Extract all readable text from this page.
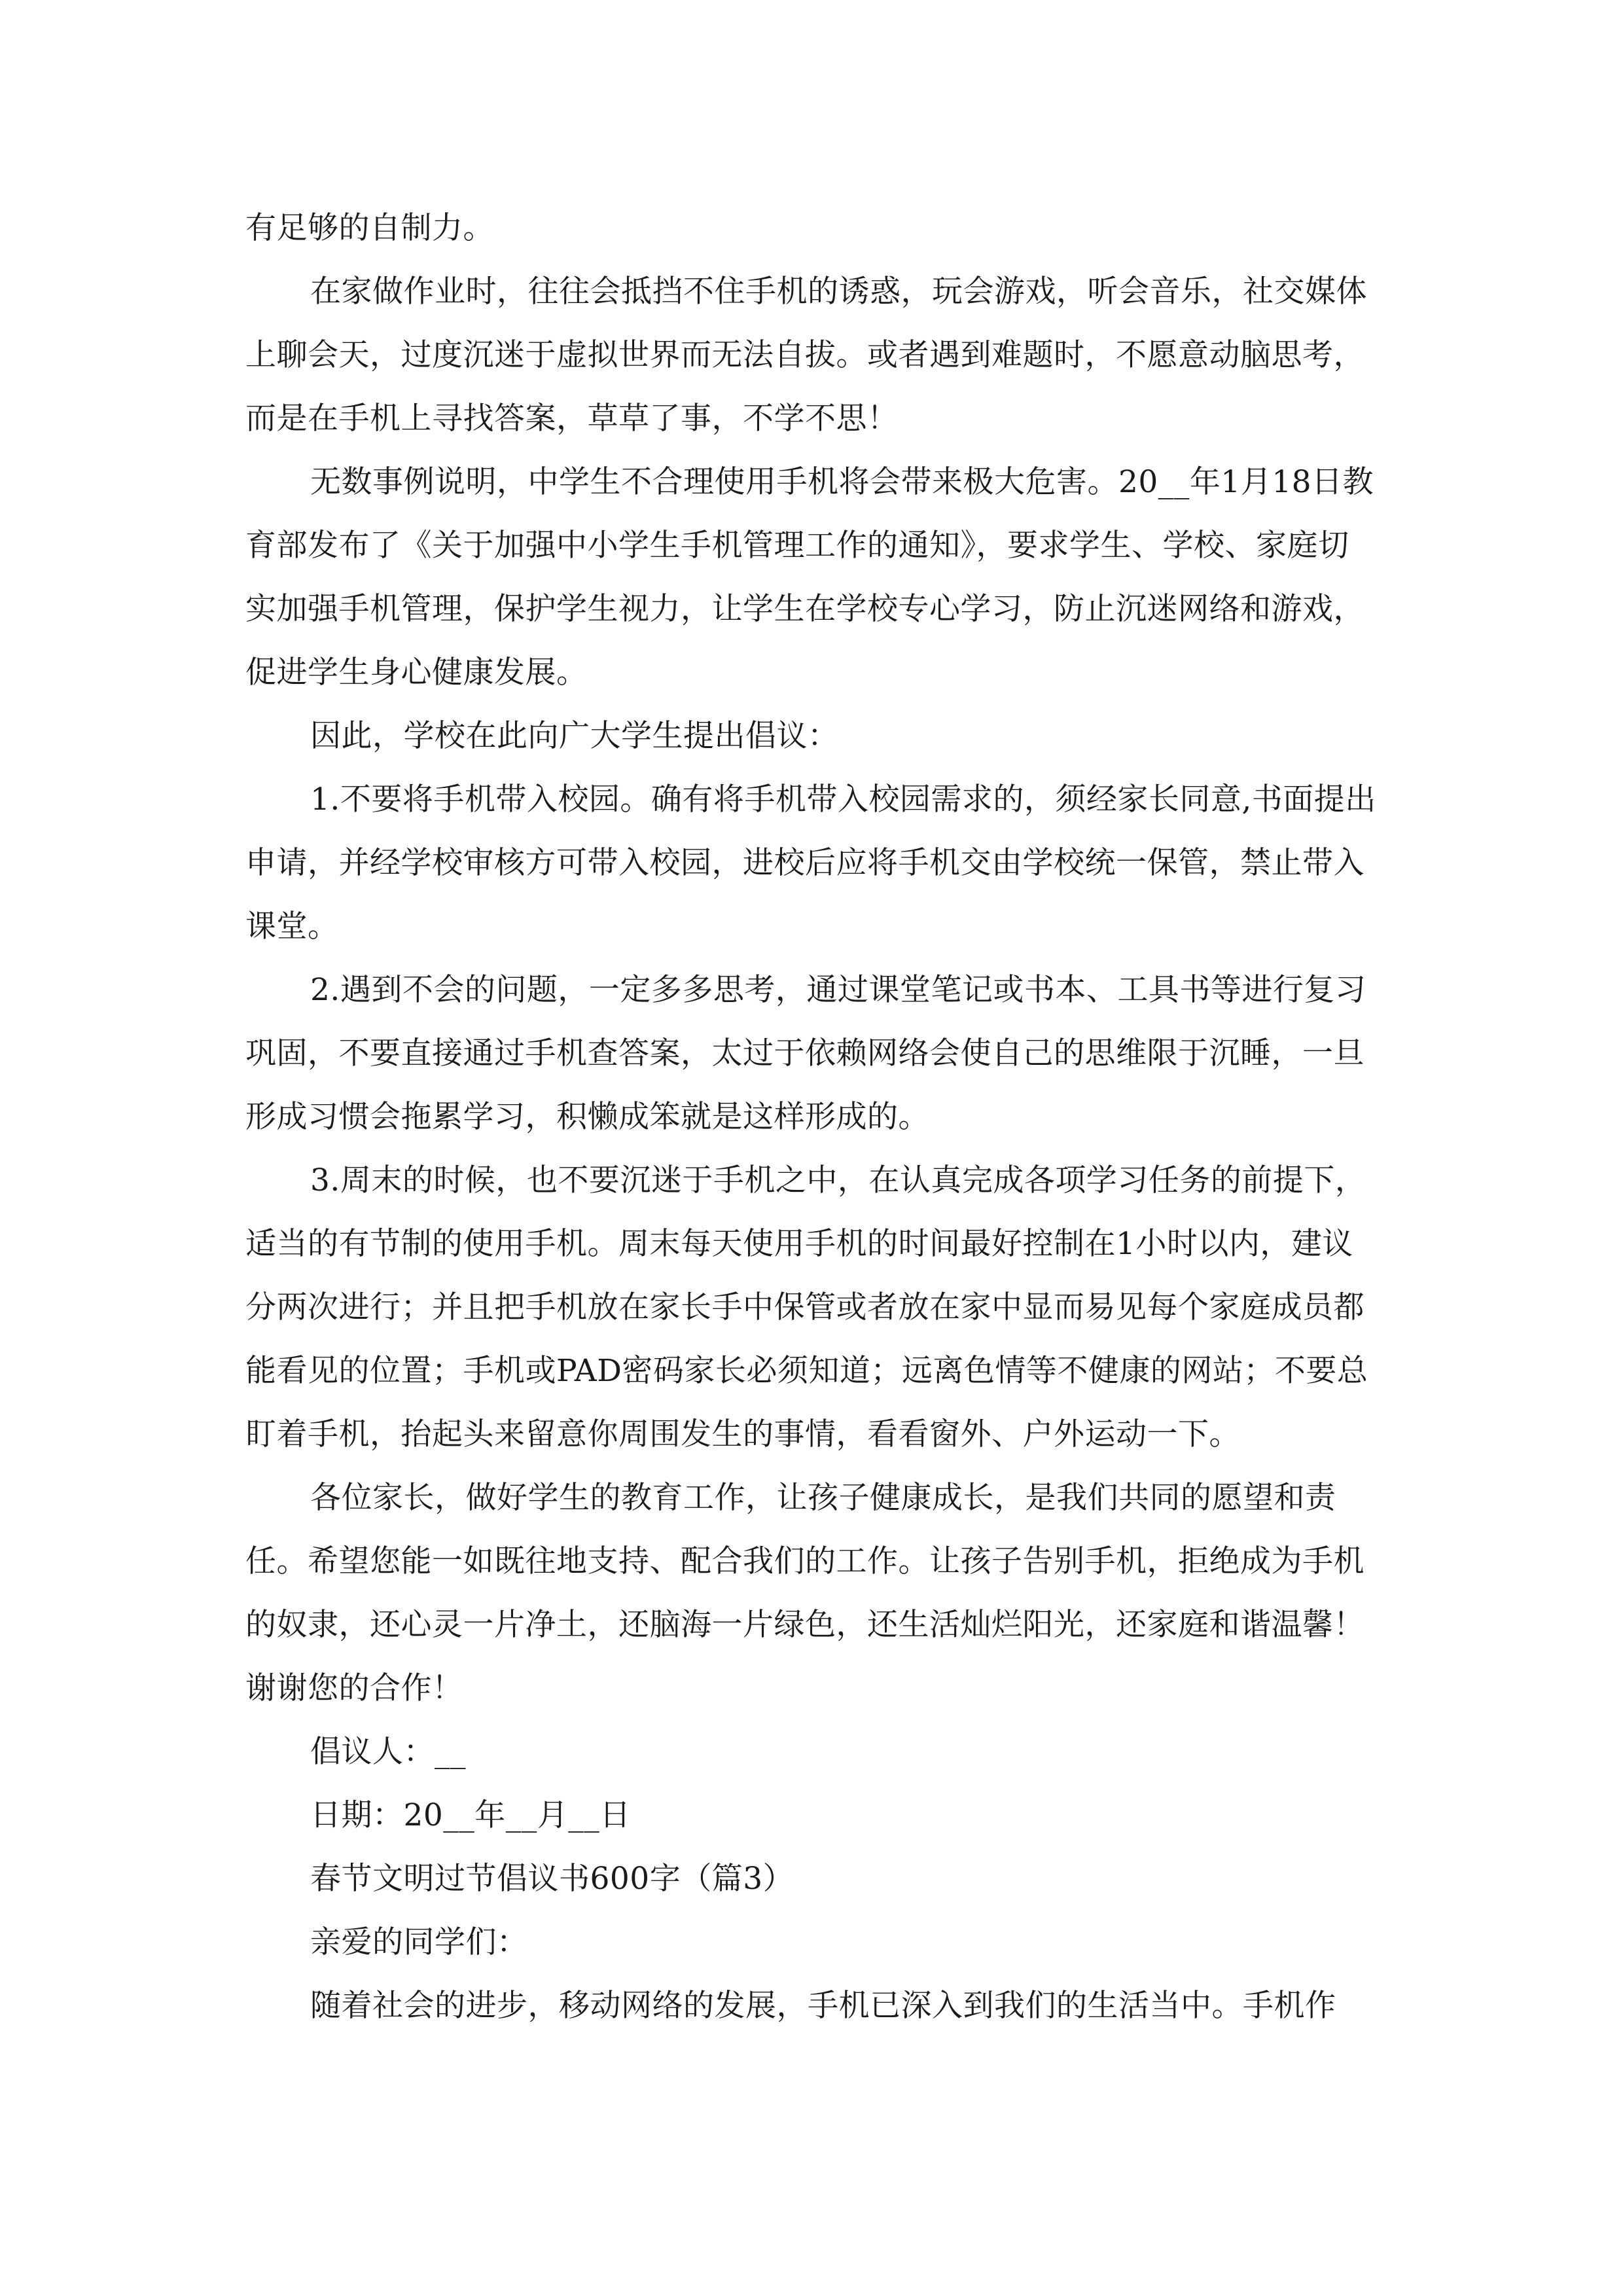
有足够的自制力。

在家做作业时，往往会抵挡不住手机的诱惑，玩会游戏，听会音乐，社交媒体上聊会天，过度沉迷于虚拟世界而无法自拔。或者遇到难题时，不愿意动脑思考，而是在手机上寻找答案，草草了事，不学不思！

无数事例说明，中学生不合理使用手机将会带来极大危害。20__年1月18日教育部发布了《关于加强中小学生手机管理工作的通知》，要求学生、学校、家庭切实加强手机管理，保护学生视力，让学生在学校专心学习，防止沉迷网络和游戏，促进学生身心健康发展。

因此，学校在此向广大学生提出倡议：

1.不要将手机带入校园。确有将手机带入校园需求的，须经家长同意,书面提出申请，并经学校审核方可带入校园，进校后应将手机交由学校统一保管，禁止带入课堂。

2.遇到不会的问题，一定多多思考，通过课堂笔记或书本、工具书等进行复习巩固，不要直接通过手机查答案，太过于依赖网络会使自己的思维限于沉睡，一旦形成习惯会拖累学习，积懒成笨就是这样形成的。

3.周末的时候，也不要沉迷于手机之中，在认真完成各项学习任务的前提下，适当的有节制的使用手机。周末每天使用手机的时间最好控制在1小时以内，建议分两次进行；并且把手机放在家长手中保管或者放在家中显而易见每个家庭成员都能看见的位置；手机或PAD密码家长必须知道；远离色情等不健康的网站；不要总盯着手机，抬起头来留意你周围发生的事情，看看窗外、户外运动一下。

各位家长，做好学生的教育工作，让孩子健康成长，是我们共同的愿望和责任。希望您能一如既往地支持、配合我们的工作。让孩子告别手机，拒绝成为手机的奴隶，还心灵一片净土，还脑海一片绿色，还生活灿烂阳光，还家庭和谐温馨！谢谢您的合作！

倡议人：__

日期：20__年__月__日

春节文明过节倡议书600字（篇3）

亲爱的同学们：

随着社会的进步，移动网络的发展，手机已深入到我们的生活当中。手机作
